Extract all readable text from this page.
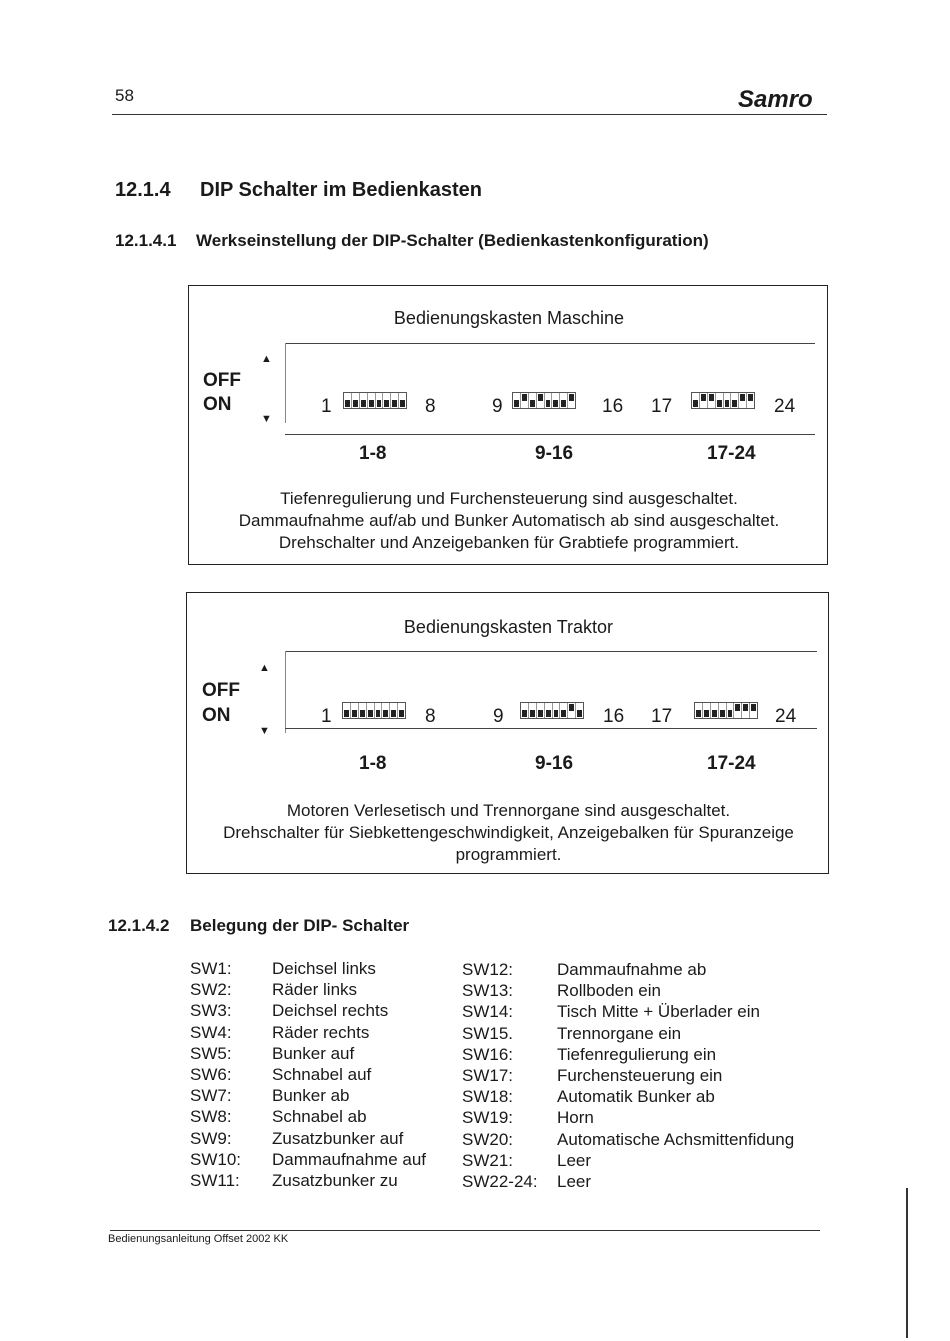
58	Samro
12.1.4 DIP Schalter im Bedienkasten
12.1.4.1 Werkseinstellung der DIP-Schalter (Bedienkastenkonfiguration)
Bedienungskasten Maschine
▲
▼
OFF
ON	1	8	9	16 17	24
1-8	9-16	17-24
Tiefenregulierung und Furchensteuerung sind ausgeschaltet.
Dammaufnahme auf/ab und Bunker Automatisch ab sind ausgeschaltet.
Drehschalter und Anzeigebanken für Grabtiefe programmiert.
Bedienungskasten Traktor
▲
▼
OFF
ON	1	8	9	16 17	24
1-8	9-16	17-24
Motoren Verlesetisch und Trennorgane sind ausgeschaltet.
Drehschalter für Siebkettengeschwindigkeit, Anzeigebalken für Spuranzeige
programmiert.
12.1.4.2 Belegung der DIP- Schalter
SW1: Deichsel links
SW2: Räder links
SW3: Deichsel rechts
SW4: Räder rechts
SW5: Bunker auf
SW6: Schnabel auf
SW7: Bunker ab
SW8: Schnabel ab
SW9: Zusatzbunker auf
SW10: Dammaufnahme auf
SW11: Zusatzbunker zu
SW12:	Dammaufnahme ab
SW13:	Rollboden ein
SW14:	Tisch Mitte + Überlader ein
SW15.	Trennorgane ein
SW16:	Tiefenregulierung ein
SW17:	Furchensteuerung ein
SW18:	Automatik Bunker ab
SW19:	Horn
SW20:	Automatische Achsmittenfidung
SW21:	Leer
SW22-24: Leer
Bedienungsanleitung Offset 2002 KK
